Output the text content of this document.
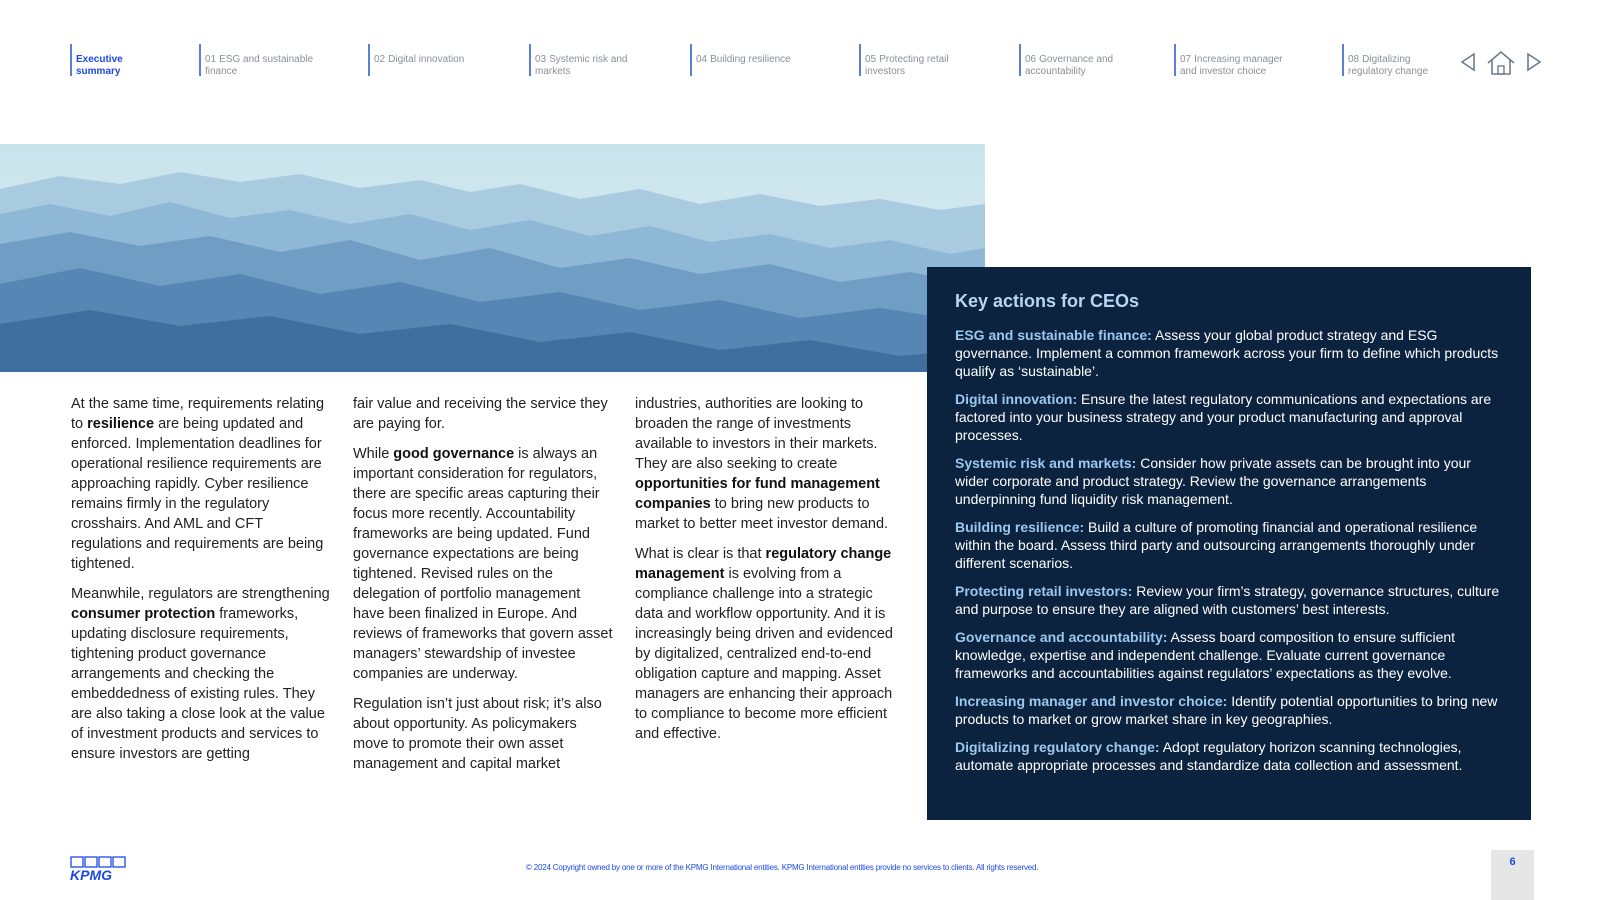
Executive
summary
01 ESG and sustainable
finance
02 Digital innovation	03 Systemic risk and
markets
04 Building resilience	05 Protecting retail
investors
06 Governance and
accountability
07 Increasing manager
and investor choice
08 Digitalizing
regulatory change

At the same time, requirements relating to resilience are being updated and enforced. Implementation deadlines for operational resilience requirements are approaching rapidly. Cyber resilience remains firmly in the regulatory crosshairs. And AML and CFT regulations and requirements are being tightened.

Meanwhile, regulators are strengthening consumer protection frameworks, updating disclosure requirements, tightening product governance arrangements and checking the embeddedness of existing rules. They are also taking a close look at the value of investment products and services to ensure investors are getting

fair value and receiving the service they are paying for.

While good governance is always an important consideration for regulators, there are specific areas capturing their focus more recently. Accountability frameworks are being updated. Fund governance expectations are being tightened. Revised rules on the delegation of portfolio management have been finalized in Europe. And reviews of frameworks that govern asset managers’ stewardship of investee companies are underway.

Regulation isn’t just about risk; it’s also about opportunity. As policymakers move to promote their own asset management and capital market

industries, authorities are looking to broaden the range of investments available to investors in their markets. They are also seeking to create opportunities for fund management companies to bring new products to market to better meet investor demand.

What is clear is that regulatory change management is evolving from a compliance challenge into a strategic data and workflow opportunity. And it is increasingly being driven and evidenced by digitalized, centralized end-to-end obligation capture and mapping. Asset managers are enhancing their approach to compliance to become more efficient and effective.

Key actions for CEOs
ESG and sustainable finance: Assess your global product strategy and ESG governance. Implement a common framework across your firm to define which products qualify as ‘sustainable’.
Digital innovation: Ensure the latest regulatory communications and expectations are factored into your business strategy and your product manufacturing and approval processes.
Systemic risk and markets: Consider how private assets can be brought into your wider corporate and product strategy. Review the governance arrangements underpinning fund liquidity risk management.
Building resilience: Build a culture of promoting financial and operational resilience within the board. Assess third party and outsourcing arrangements thoroughly under different scenarios.
Protecting retail investors: Review your firm’s strategy, governance structures, culture and purpose to ensure they are aligned with customers’ best interests.
Governance and accountability: Assess board composition to ensure sufficient knowledge, expertise and independent challenge. Evaluate current governance frameworks and accountabilities against regulators’ expectations as they evolve.
Increasing manager and investor choice: Identify potential opportunities to bring new products to market or grow market share in key geographies.
Digitalizing regulatory change: Adopt regulatory horizon scanning technologies, automate appropriate processes and standardize data collection and assessment.
KPMG	© 2024 Copyright owned by one or more of the KPMG International entities. KPMG International entities provide no services to clients. All rights reserved.	6
